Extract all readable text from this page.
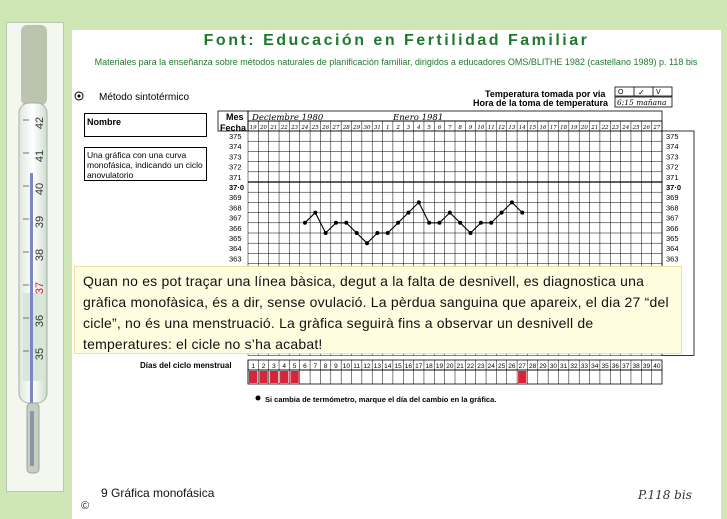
42
41
40
39
38
37
36
35
Font: Educación en Fertilidad Familiar
Materiales para la enseñanza sobre métodos naturales de planificación familiar, dirigidos a educadores OMS/BLITHE 1982 (castellano 1989) p. 118 bis
375
374
373
372
371
37·0
369
368
367
366
365
364
363
375
374
373
372
371
37·0
369
368
367
366
365
364
363
19 20 21 22 23 24 25 26 27 28 29 30 31 1 2 3 4 5 6 7 8 9 10 11 12 13 14 15 16 17 18 19 20 21 22 23 24 25 26 27
1 2 3 4 5 6 7 8 9 10 11 12 13 14 15 16 17 18 19 20 21 22 23 24 25 26 27 28 29 30 31 32 33 34 35 36 37 38 39 40
Método sintotérmico	Temperatura tomada por via
Hora de la toma de temperatura
O ✓ V
6:15 mañana
Mes
Fecha
Deciembre 1980	Enero 1981
Nombre
Una gráfica con una curva monofásica, indicando un ciclo anovulatorio
Quan no es pot traçar una línea bàsica, degut a la falta de desnivell, es diagnostica una gràfica monofàsica, és a dir, sense ovulació. La pèrdua sanguina que apareix, el dia 27 “del cicle”, no és una menstruació. La gràfica seguirà fins a observar un desnivell de temperatures: el cicle no s’ha acabat!
Días del ciclo menstrual
Si cambia de termómetro, marque el día del cambio en la gráfica.
9 Gráfica monofásica	P.118 bis
©
